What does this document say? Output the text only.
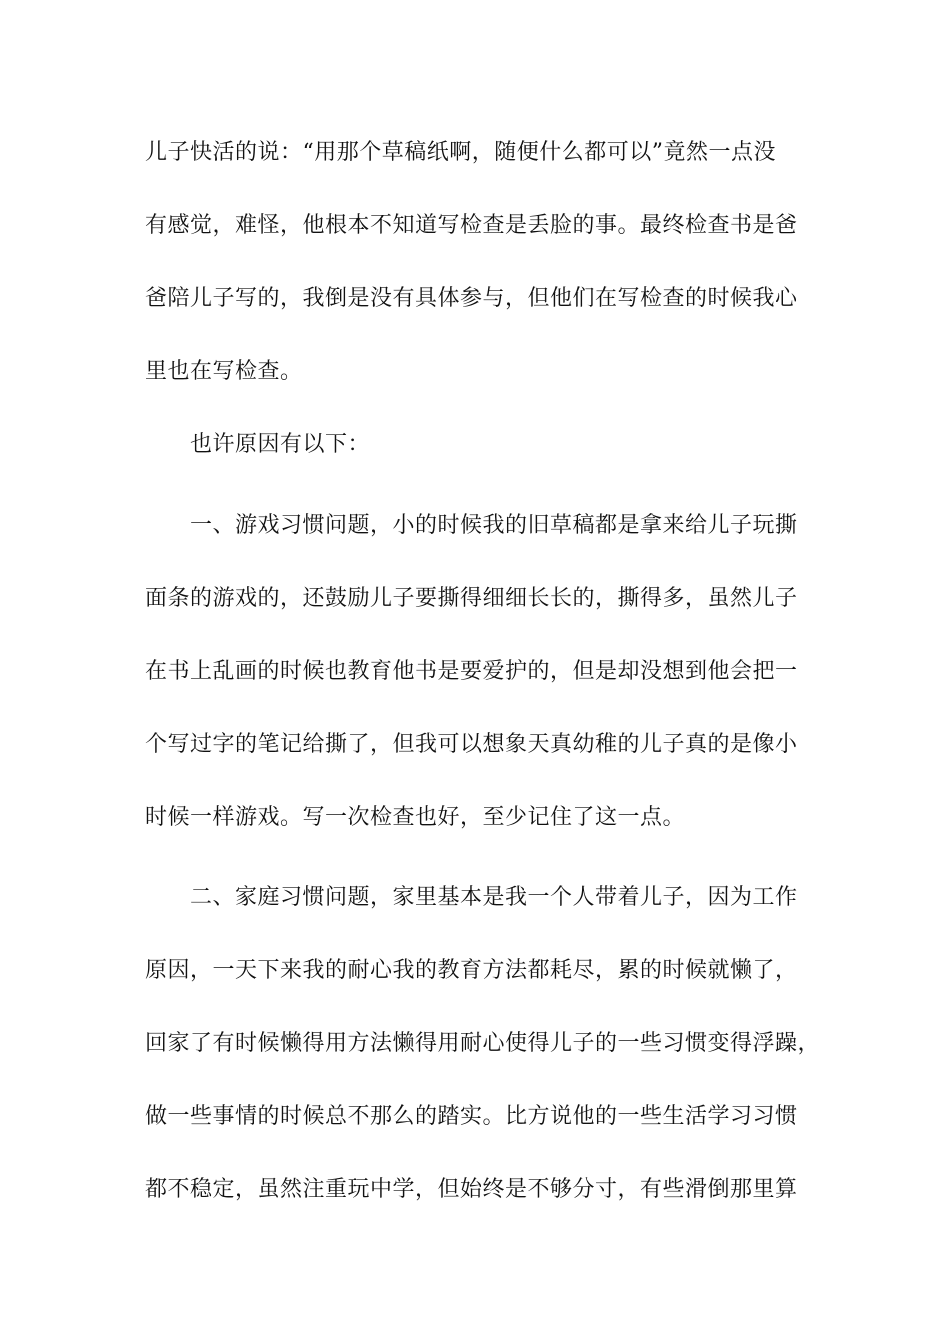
儿子快活的说：“用那个草稿纸啊，随便什么都可以”竟然一点没
有感觉，难怪，他根本不知道写检查是丢脸的事。最终检查书是爸
爸陪儿子写的，我倒是没有具体参与，但他们在写检查的时候我心
里也在写检查。
也许原因有以下：
一、游戏习惯问题，小的时候我的旧草稿都是拿来给儿子玩撕
面条的游戏的，还鼓励儿子要撕得细细长长的，撕得多，虽然儿子
在书上乱画的时候也教育他书是要爱护的，但是却没想到他会把一
个写过字的笔记给撕了，但我可以想象天真幼稚的儿子真的是像小
时候一样游戏。写一次检查也好，至少记住了这一点。
二、家庭习惯问题，家里基本是我一个人带着儿子，因为工作
原因，一天下来我的耐心我的教育方法都耗尽，累的时候就懒了，
回家了有时候懒得用方法懒得用耐心使得儿子的一些习惯变得浮躁，
做一些事情的时候总不那么的踏实。比方说他的一些生活学习习惯
都不稳定，虽然注重玩中学，但始终是不够分寸，有些滑倒那里算
